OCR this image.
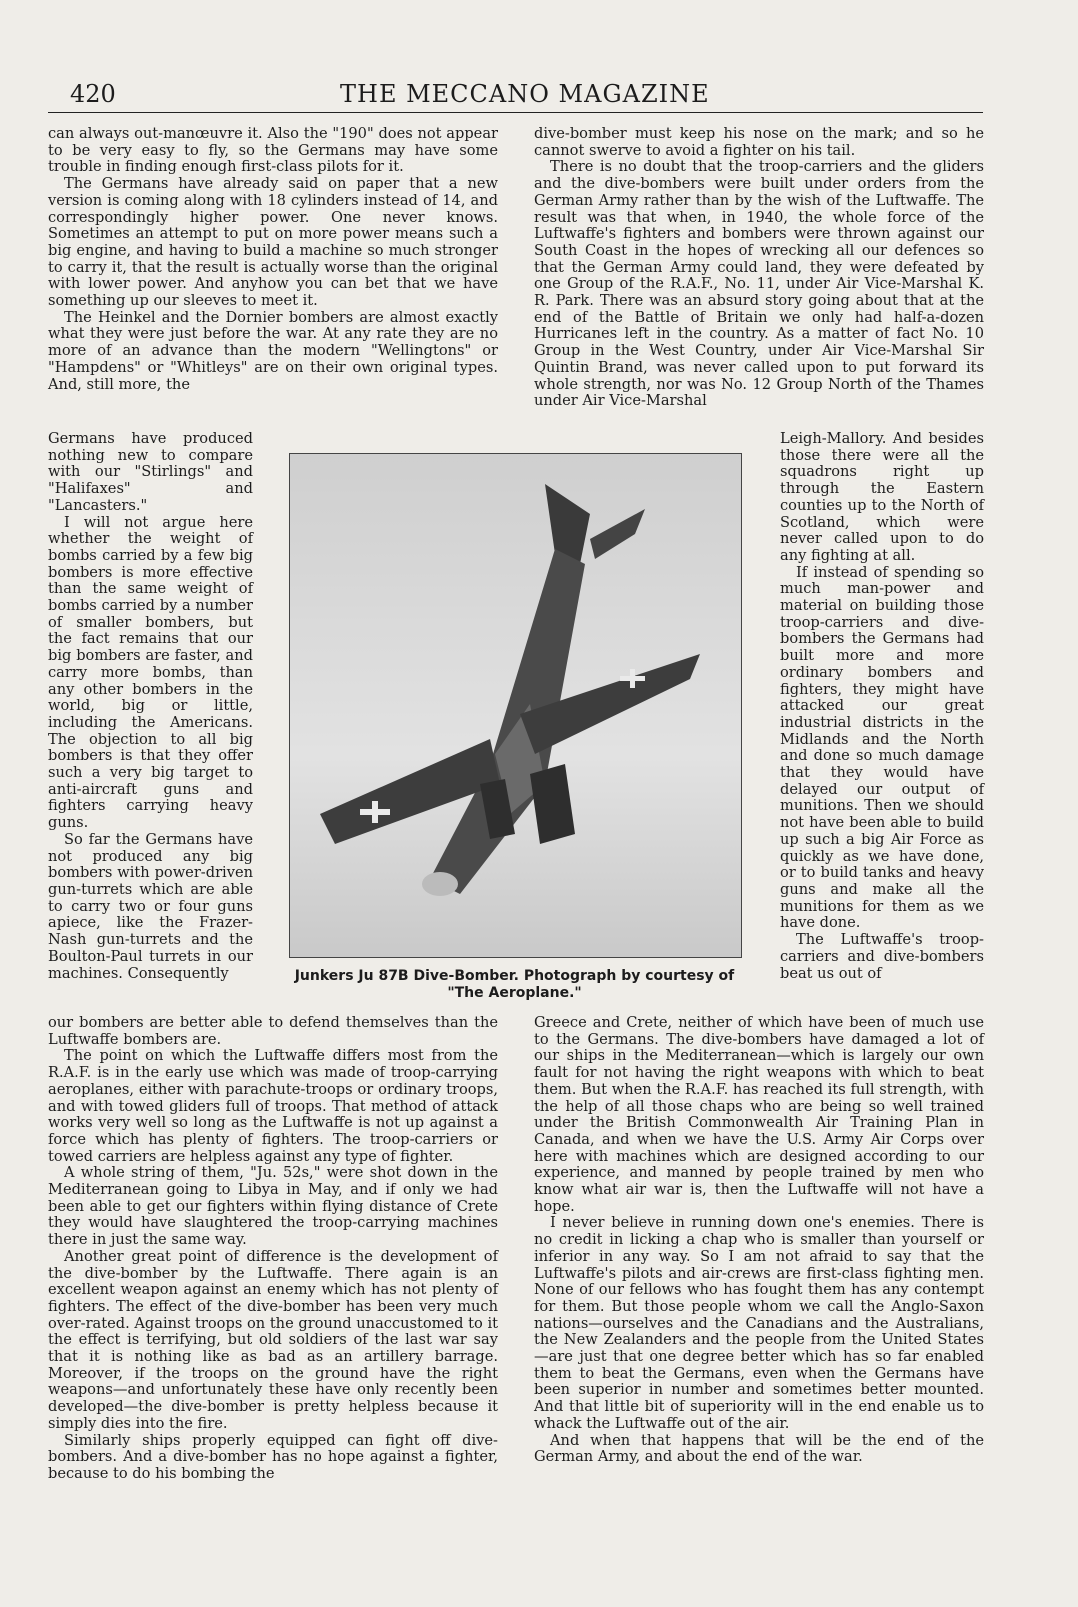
420	THE MECCANO MAGAZINE

can always out-manœuvre it. Also the "190" does not appear to be very easy to fly, so the Germans may have some trouble in finding enough first-class pilots for it.

The Germans have already said on paper that a new version is coming along with 18 cylinders instead of 14, and correspondingly higher power. One never knows. Sometimes an attempt to put on more power means such a big engine, and having to build a machine so much stronger to carry it, that the result is actually worse than the original with lower power. And anyhow you can bet that we have something up our sleeves to meet it.

The Heinkel and the Dornier bombers are almost exactly what they were just before the war. At any rate they are no more of an advance than the modern "Wellingtons" or "Hampdens" or "Whitleys" are on their own original types. And, still more, the

Germans have produced nothing new to compare with our "Stirlings" and "Halifaxes" and "Lancasters."

I will not argue here whether the weight of bombs carried by a few big bombers is more effective than the same weight of bombs carried by a number of smaller bombers, but the fact remains that our big bombers are faster, and carry more bombs, than any other bombers in the world, big or little, including the Americans. The objection to all big bombers is that they offer such a very big target to anti-aircraft guns and fighters carrying heavy guns.

So far the Germans have not produced any big bombers with power-driven gun-turrets which are able to carry two or four guns apiece, like the Frazer-Nash gun-turrets and the Boulton-Paul turrets in our machines. Consequently

our bombers are better able to defend themselves than the Luftwaffe bombers are.

The point on which the Luftwaffe differs most from the R.A.F. is in the early use which was made of troop-carrying aeroplanes, either with parachute-troops or ordinary troops, and with towed gliders full of troops. That method of attack works very well so long as the Luftwaffe is not up against a force which has plenty of fighters. The troop-carriers or towed carriers are helpless against any type of fighter.

A whole string of them, "Ju. 52s," were shot down in the Mediterranean going to Libya in May, and if only we had been able to get our fighters within flying distance of Crete they would have slaughtered the troop-carrying machines there in just the same way.

Another great point of difference is the development of the dive-bomber by the Luftwaffe. There again is an excellent weapon against an enemy which has not plenty of fighters. The effect of the dive-bomber has been very much over-rated. Against troops on the ground unaccustomed to it the effect is terrifying, but old soldiers of the last war say that it is nothing like as bad as an artillery barrage. Moreover, if the troops on the ground have the right weapons—and unfortunately these have only recently been developed—the dive-bomber is pretty helpless because it simply dies into the fire.

Similarly ships properly equipped can fight off dive-bombers. And a dive-bomber has no hope against a fighter, because to do his bombing the

Junkers Ju 87B Dive-Bomber. Photograph by courtesy of "The Aeroplane."

dive-bomber must keep his nose on the mark; and so he cannot swerve to avoid a fighter on his tail.

There is no doubt that the troop-carriers and the gliders and the dive-bombers were built under orders from the German Army rather than by the wish of the Luftwaffe. The result was that when, in 1940, the whole force of the Luftwaffe's fighters and bombers were thrown against our South Coast in the hopes of wrecking all our defences so that the German Army could land, they were defeated by one Group of the R.A.F., No. 11, under Air Vice-Marshal K. R. Park. There was an absurd story going about that at the end of the Battle of Britain we only had half-a-dozen Hurricanes left in the country. As a matter of fact No. 10 Group in the West Country, under Air Vice-Marshal Sir Quintin Brand, was never called upon to put forward its whole strength, nor was No. 12 Group North of the Thames under Air Vice-Marshal

Leigh-Mallory. And besides those there were all the squadrons right up through the Eastern counties up to the North of Scotland, which were never called upon to do any fighting at all.

If instead of spending so much man-power and material on building those troop-carriers and dive-bombers the Germans had built more and more ordinary bombers and fighters, they might have attacked our great industrial districts in the Midlands and the North and done so much damage that they would have delayed our output of munitions. Then we should not have been able to build up such a big Air Force as quickly as we have done, or to build tanks and heavy guns and make all the munitions for them as we have done.

The Luftwaffe's troop-carriers and dive-bombers beat us out of

Greece and Crete, neither of which have been of much use to the Germans. The dive-bombers have damaged a lot of our ships in the Mediterranean—which is largely our own fault for not having the right weapons with which to beat them. But when the R.A.F. has reached its full strength, with the help of all those chaps who are being so well trained under the British Commonwealth Air Training Plan in Canada, and when we have the U.S. Army Air Corps over here with machines which are designed according to our experience, and manned by people trained by men who know what air war is, then the Luftwaffe will not have a hope.

I never believe in running down one's enemies. There is no credit in licking a chap who is smaller than yourself or inferior in any way. So I am not afraid to say that the Luftwaffe's pilots and air-crews are first-class fighting men. None of our fellows who has fought them has any contempt for them. But those people whom we call the Anglo-Saxon nations—ourselves and the Canadians and the Australians, the New Zealanders and the people from the United States—are just that one degree better which has so far enabled them to beat the Germans, even when the Germans have been superior in number and sometimes better mounted. And that little bit of superiority will in the end enable us to whack the Luftwaffe out of the air.

And when that happens that will be the end of the German Army, and about the end of the war.
